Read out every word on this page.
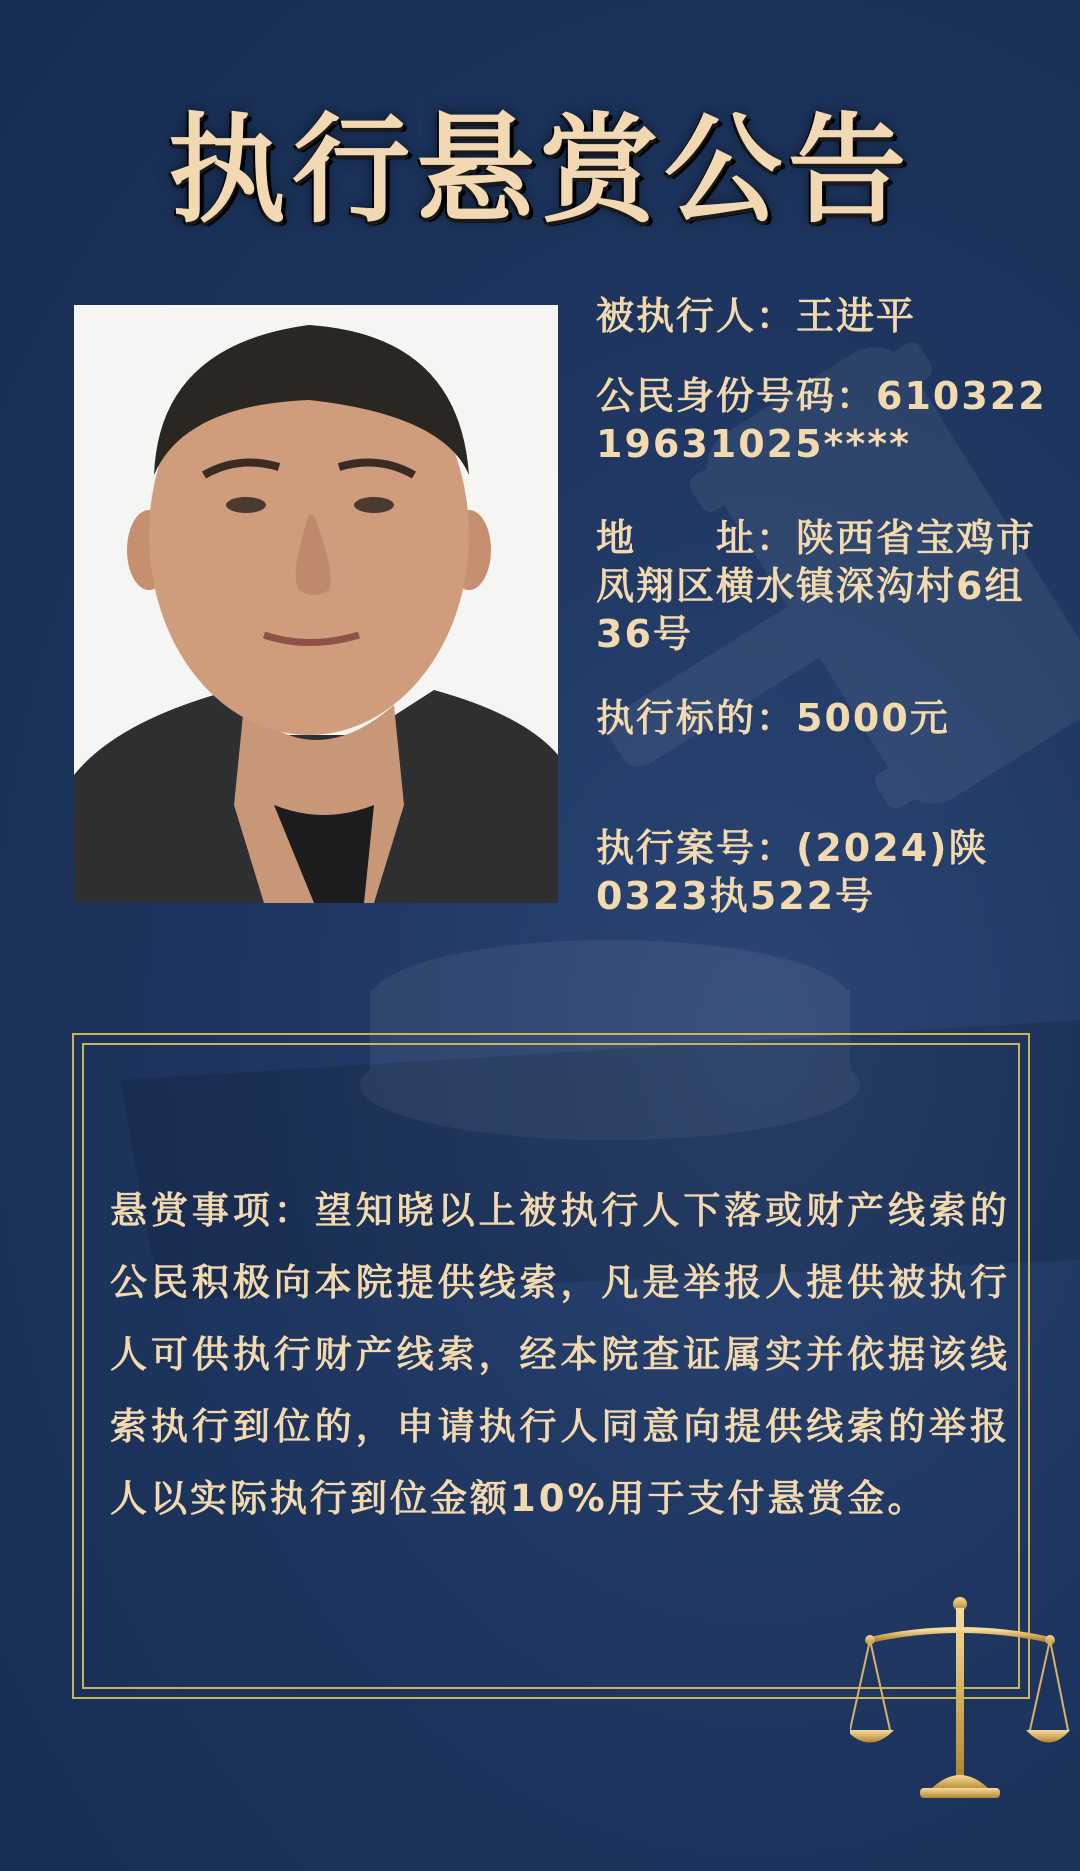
执行悬赏公告
被执行人：王进平
公民身份号码：610322
19631025****
地　　址：陕西省宝鸡市
凤翔区横水镇深沟村6组
36号
执行标的：5000元
执行案号：(2024)陕
0323执522号
悬赏事项：望知晓以上被执行人下落或财产线索的公民积极向本院提供线索，凡是举报人提供被执行人可供执行财产线索，经本院查证属实并依据该线索执行到位的，申请执行人同意向提供线索的举报人以实际执行到位金额10%用于支付悬赏金。
